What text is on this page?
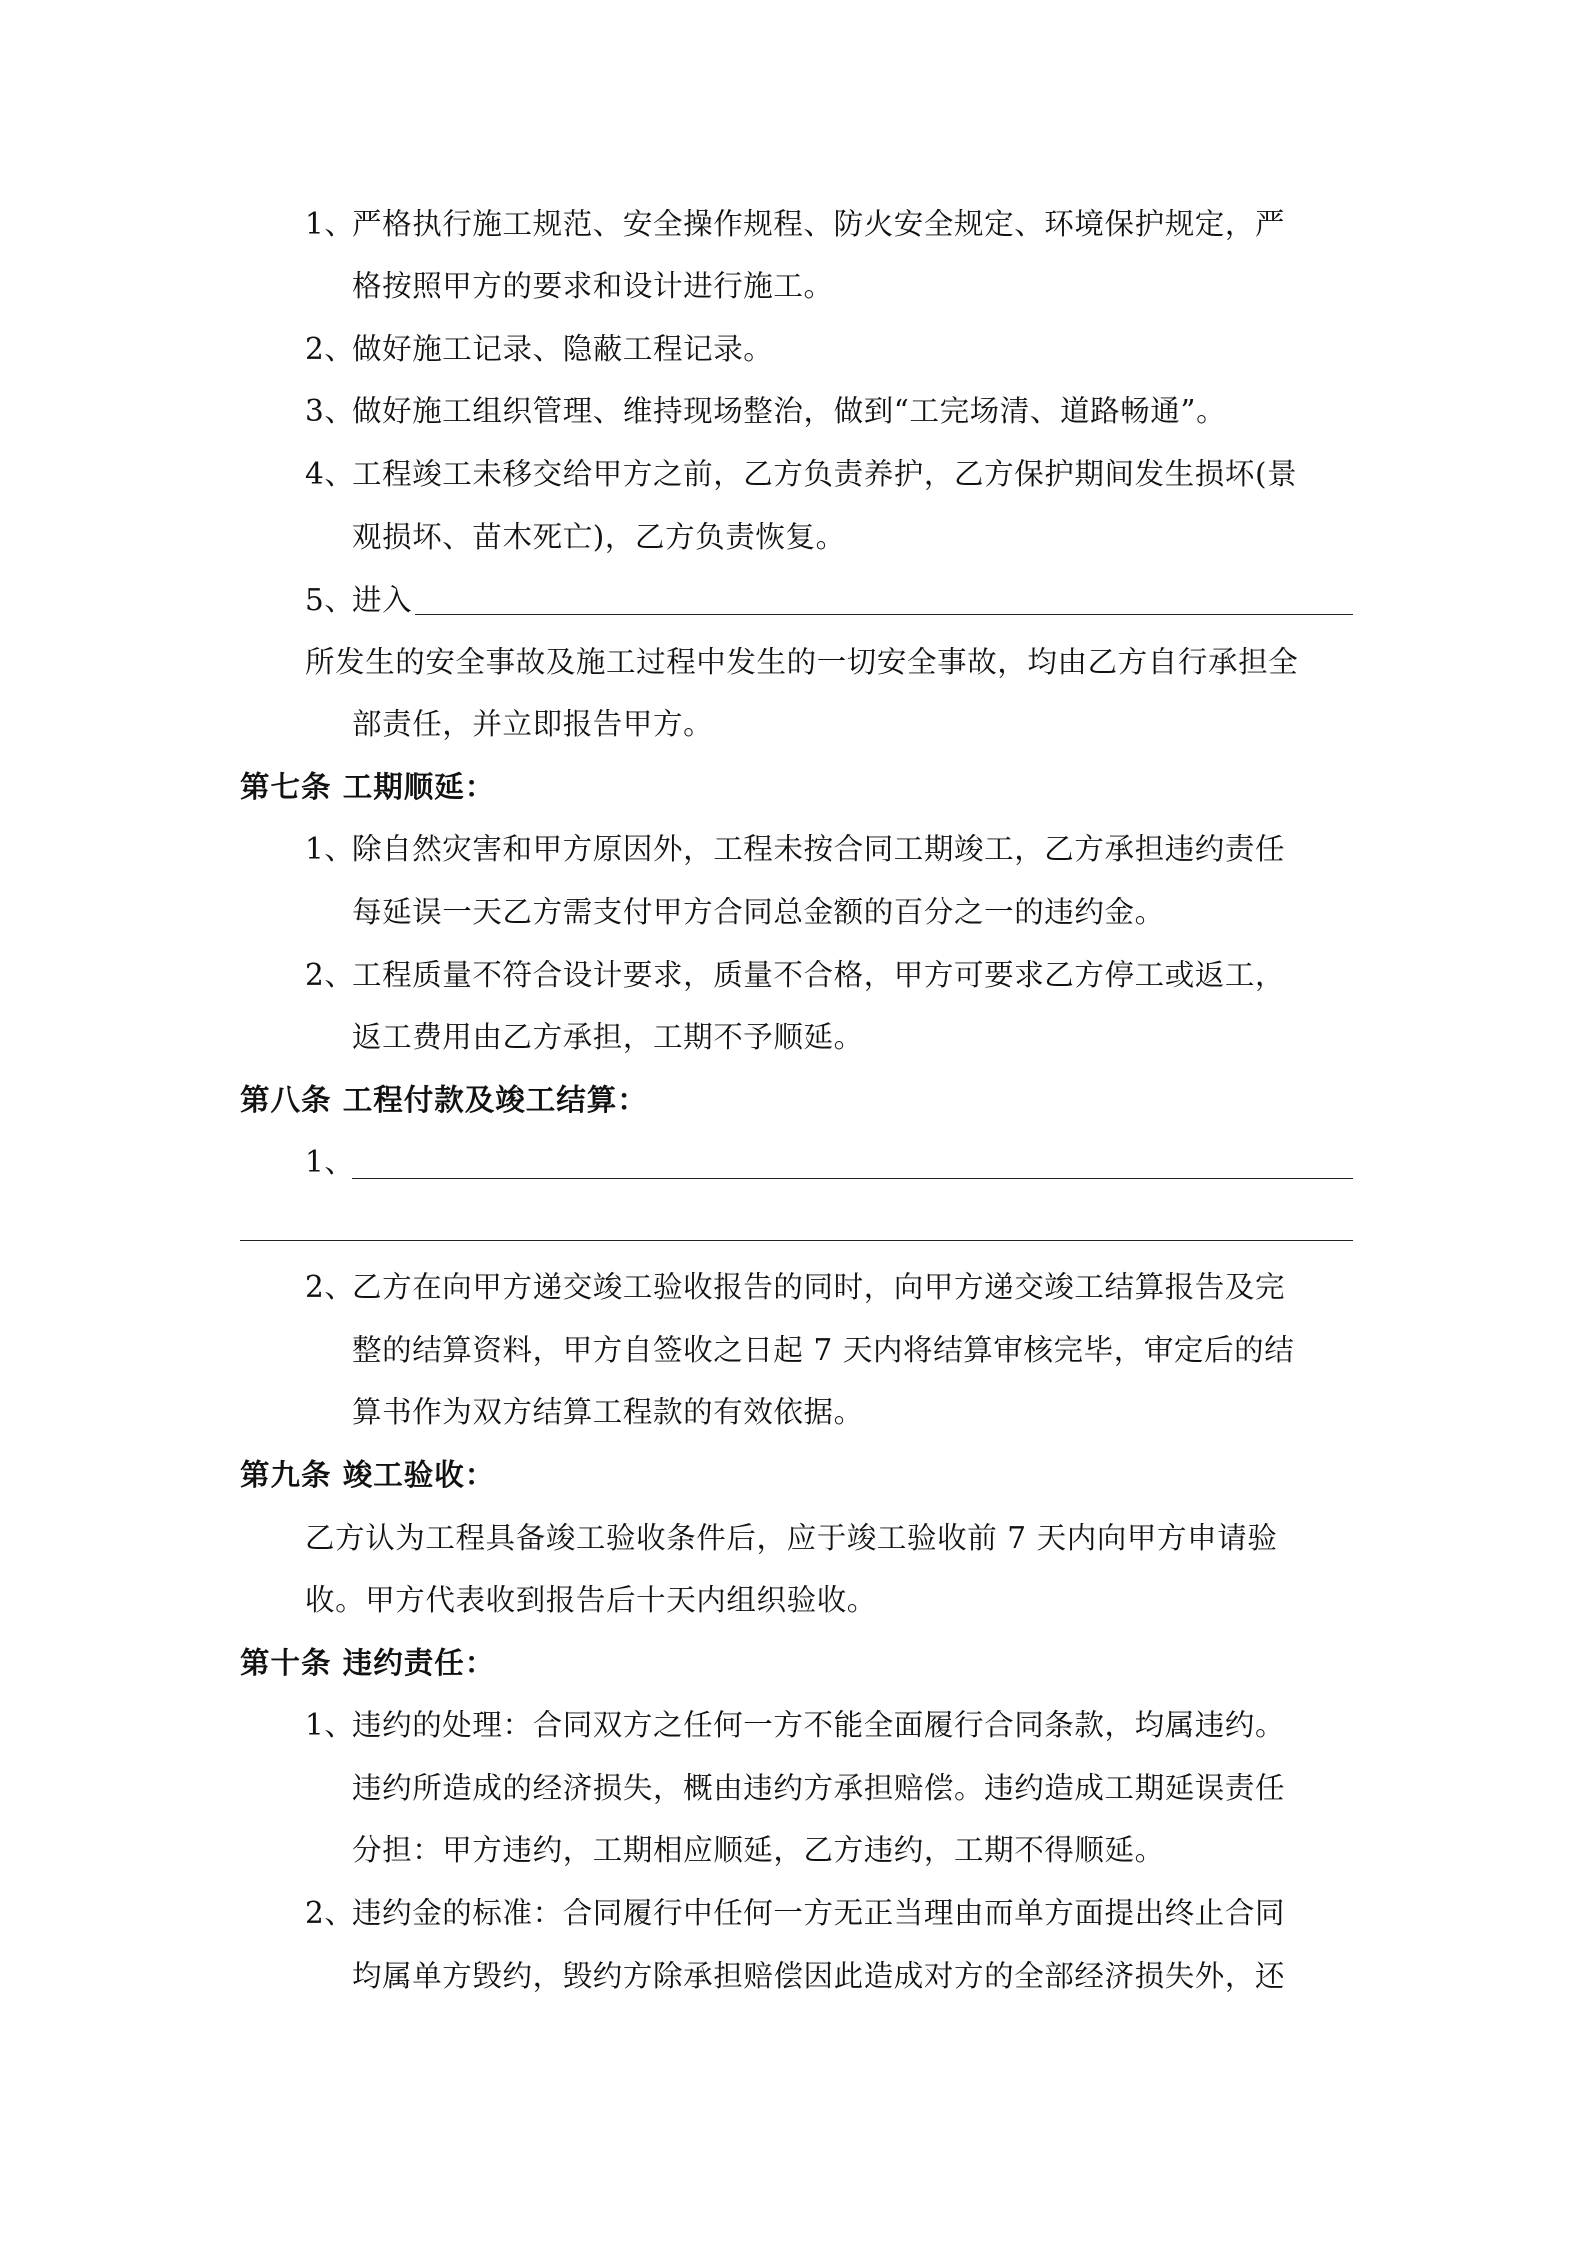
1、
严格执行施工规范、安全操作规程、防火安全规定、环境保护规定，严
格按照甲方的要求和设计进行施工。
2、
做好施工记录、隐蔽工程记录。
3、
做好施工组织管理、维持现场整治，做到“工完场清、道路畅通”。
4、
工程竣工未移交给甲方之前，乙方负责养护，乙方保护期间发生损坏(景
观损坏、苗木死亡)，乙方负责恢复。
5、
进入
所发生的安全事故及施工过程中发生的一切安全事故，均由乙方自行承担全
部责任，并立即报告甲方。
第七条 工期顺延：
1、
除自然灾害和甲方原因外，工程未按合同工期竣工，乙方承担违约责任
每延误一天乙方需支付甲方合同总金额的百分之一的违约金。
2、
工程质量不符合设计要求，质量不合格，甲方可要求乙方停工或返工，
返工费用由乙方承担，工期不予顺延。
第八条 工程付款及竣工结算：
1、
2、
乙方在向甲方递交竣工验收报告的同时，向甲方递交竣工结算报告及完
整的结算资料，甲方自签收之日起 7 天内将结算审核完毕，审定后的结
算书作为双方结算工程款的有效依据。
第九条 竣工验收：
乙方认为工程具备竣工验收条件后，应于竣工验收前 7 天内向甲方申请验
收。甲方代表收到报告后十天内组织验收。
第十条 违约责任：
1、
违约的处理：合同双方之任何一方不能全面履行合同条款，均属违约。
违约所造成的经济损失，概由违约方承担赔偿。违约造成工期延误责任
分担：甲方违约，工期相应顺延，乙方违约，工期不得顺延。
2、
违约金的标准：合同履行中任何一方无正当理由而单方面提出终止合同
均属单方毁约，毁约方除承担赔偿因此造成对方的全部经济损失外，还
